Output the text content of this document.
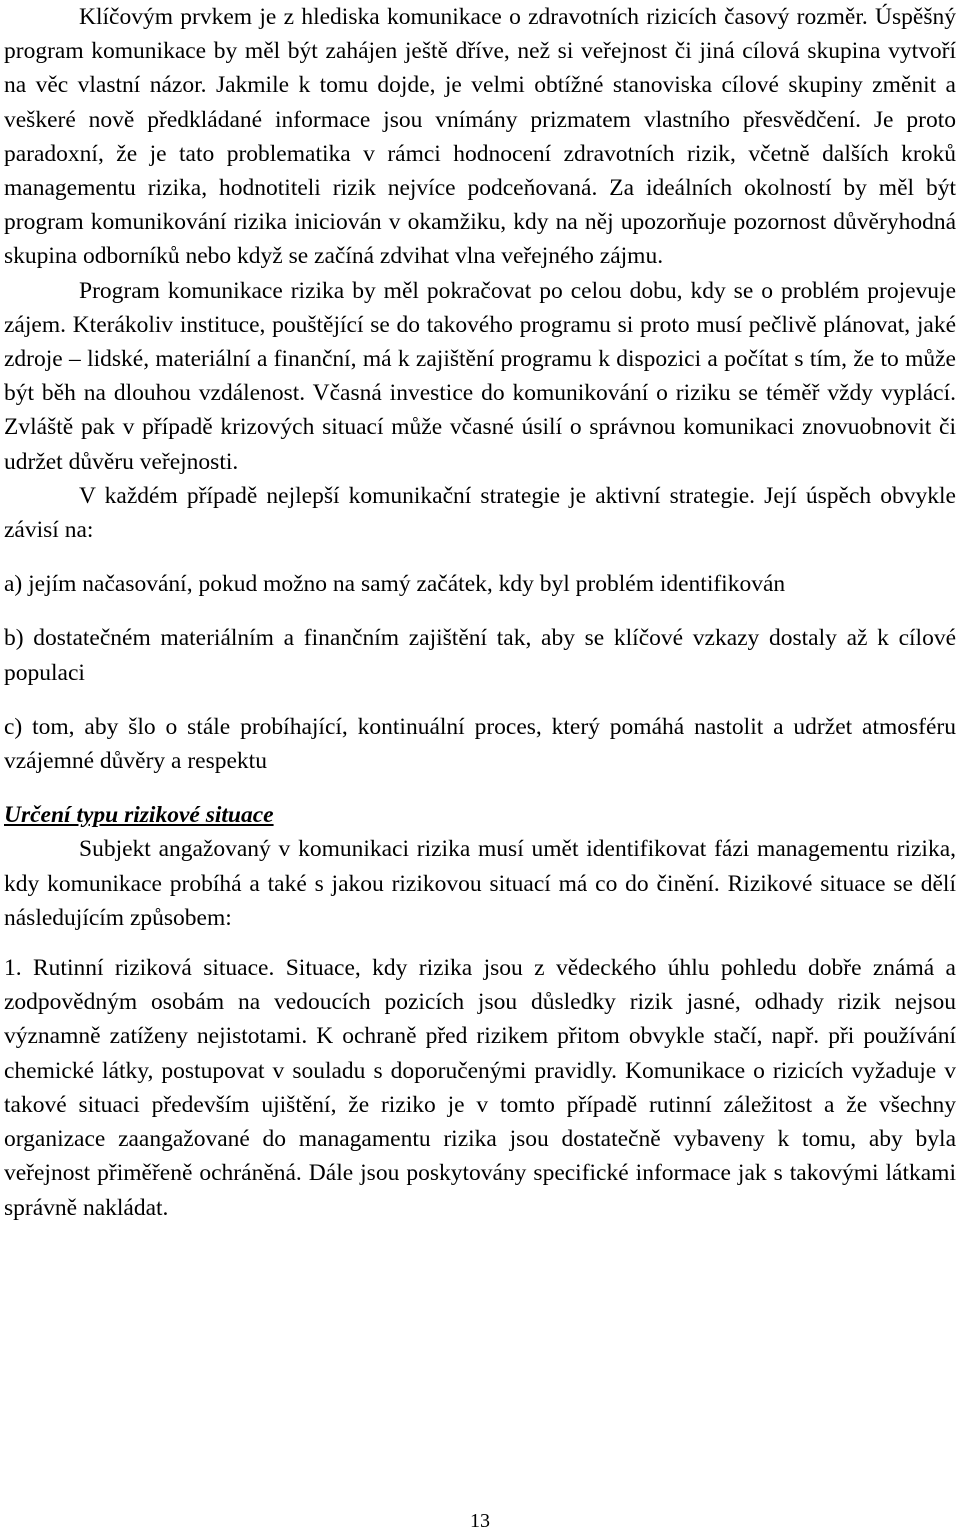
Klíčovým prvkem je z hlediska komunikace o zdravotních rizicích časový rozměr. Úspěšný program komunikace by měl být zahájen ještě dříve, než si veřejnost či jiná cílová skupina vytvoří na věc vlastní názor. Jakmile k tomu dojde, je velmi obtížné stanoviska cílové skupiny změnit a veškeré nově předkládané informace jsou vnímány prizmatem vlastního přesvědčení. Je proto paradoxní, že je tato problematika v rámci hodnocení zdravotních rizik, včetně dalších kroků managementu rizika, hodnotiteli rizik nejvíce podceňovaná. Za ideálních okolností by měl být program komunikování rizika iniciován v okamžiku, kdy na něj upozorňuje pozornost důvěryhodná skupina odborníků nebo když se začíná zdvihat vlna veřejného zájmu.

Program komunikace rizika by měl pokračovat po celou dobu, kdy se o problém projevuje zájem. Kterákoliv instituce, pouštějící se do takového programu si proto musí pečlivě plánovat, jaké zdroje – lidské, materiální a finanční, má k zajištění programu k dispozici a počítat s tím, že to může být běh na dlouhou vzdálenost. Včasná investice do komunikování o riziku se téměř vždy vyplácí. Zvláště pak v případě krizových situací může včasné úsilí o správnou komunikaci znovuobnovit či udržet důvěru veřejnosti.

V každém případě nejlepší komunikační strategie je aktivní strategie. Její úspěch obvykle závisí na:

a) jejím načasování, pokud možno na samý začátek, kdy byl problém identifikován

b) dostatečném materiálním a finančním zajištění tak, aby se klíčové vzkazy dostaly až k cílové populaci

c) tom, aby šlo o stále probíhající, kontinuální proces, který pomáhá nastolit a udržet atmosféru vzájemné důvěry a respektu

Určení typu rizikové situace

Subjekt angažovaný v komunikaci rizika musí umět identifikovat fázi managementu rizika, kdy komunikace probíhá a také s jakou rizikovou situací má co do činění. Rizikové situace se dělí následujícím způsobem:

1. Rutinní riziková situace. Situace, kdy rizika jsou z vědeckého úhlu pohledu dobře známá a zodpovědným osobám na vedoucích pozicích jsou důsledky rizik jasné, odhady rizik nejsou významně zatíženy nejistotami. K ochraně před rizikem přitom obvykle stačí, např. při používání chemické látky, postupovat v souladu s doporučenými pravidly. Komunikace o rizicích vyžaduje v takové situaci především ujištění, že riziko je v tomto případě rutinní záležitost a že všechny organizace zaangažované do managamentu rizika jsou dostatečně vybaveny k tomu, aby byla veřejnost přiměřeně ochráněná. Dále jsou poskytovány specifické informace jak s takovými látkami správně nakládat.

13
